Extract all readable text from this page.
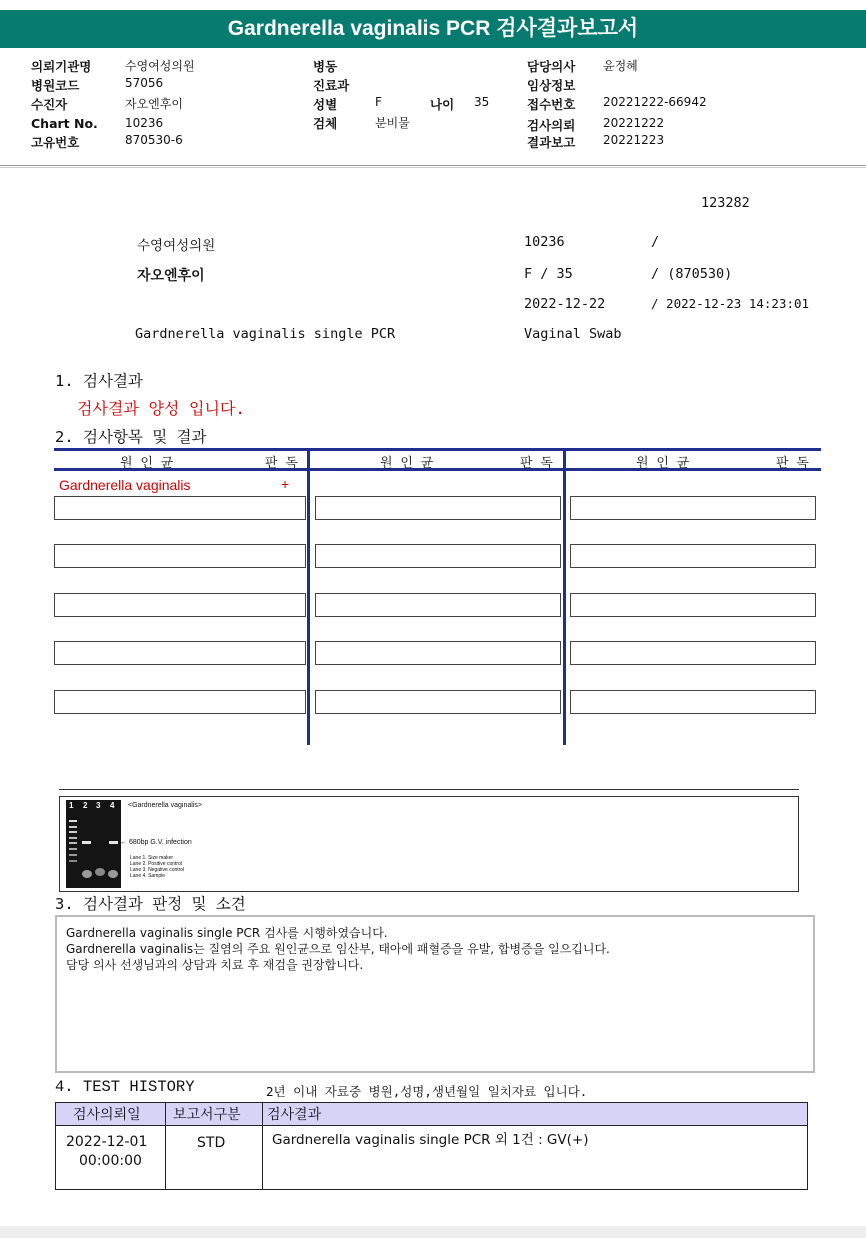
Gardnerella vaginalis PCR 검사결과보고서
의뢰기관명	수영여성의원
병원코드	57056
수진자	자오엔후이
Chart No. 10236
고유번호	870530-6
병동
진료과
성별	F	나이 35
검체	분비물
담당의사 윤정혜
임상정보
접수번호 20221222-66942
검사의뢰 20221222
결과보고 20221223
123282
수영여성의원	10236	/
자오엔후이	F / 35	/ (870530)
2022-12-22	/ 2022-12-23 14:23:01
Gardnerella vaginalis single PCR	Vaginal Swab
1. 검사결과
검사결과 양성 입니다.
2. 검사항목 및 결과
원 인 균	판 독	원 인 균	판 독	원 인 균	판 독
Gardnerella vaginalis	+
1 2 3 4 <Gardnerella vaginalis>
← 680bp G.V. infection
Lane 1. Size maker
Lane 2. Positive control
Lane 3. Negative control
Lane 4. Sample
3. 검사결과 판정 및 소견
Gardnerella vaginalis single PCR 검사를 시행하였습니다.
Gardnerella vaginalis는 질염의 주요 원인균으로 임산부, 태아에 패혈증을 유발, 합병증을 일으깁니다.
담당 의사 선생님과의 상담과 치료 후 재검을 권장합니다.
4. TEST HISTORY	2년 이내 자료중 병원,성명,생년월일 일치자료 입니다.
검사의뢰일 보고서구분 검사결과
2022-12-01
00:00:00
STD	Gardnerella vaginalis single PCR 외 1건 : GV(+)
